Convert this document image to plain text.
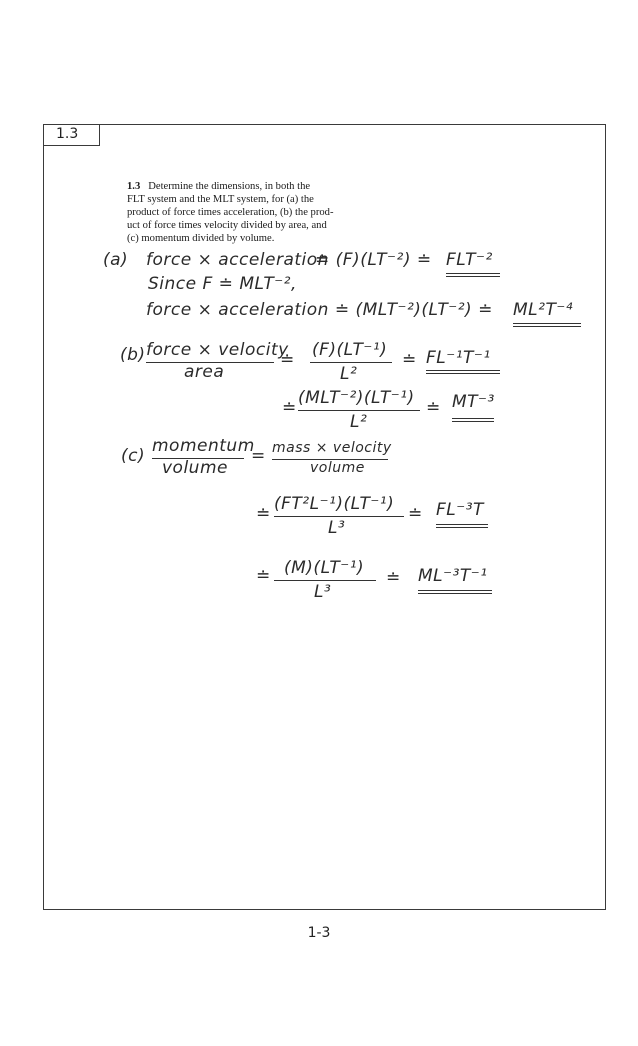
1.3
1.3 Determine the dimensions, in both the
FLT system and the MLT system, for (a) the
product of force times acceleration, (b) the prod-
uct of force times velocity divided by area, and
(c) momentum divided by volume.
(a) force × acceleration
≐ (F)(LT⁻²) ≐ FLT⁻²
Since F ≐ MLT⁻²,
force × acceleration ≐ (MLT⁻²)(LT⁻²) ≐ ML²T⁻⁴
(b) force × velocity
area
≐ (F)(LT⁻¹)
L²
≐ FL⁻¹T⁻¹
≐ (MLT⁻²)(LT⁻¹)
L²
≐ MT⁻³
(c) momentum
volume
= mass × velocity
volume
≐ (FT²L⁻¹)(LT⁻¹)
L³
≐ FL⁻³T
≐ (M)(LT⁻¹)
L³
≐ ML⁻³T⁻¹
1-3
